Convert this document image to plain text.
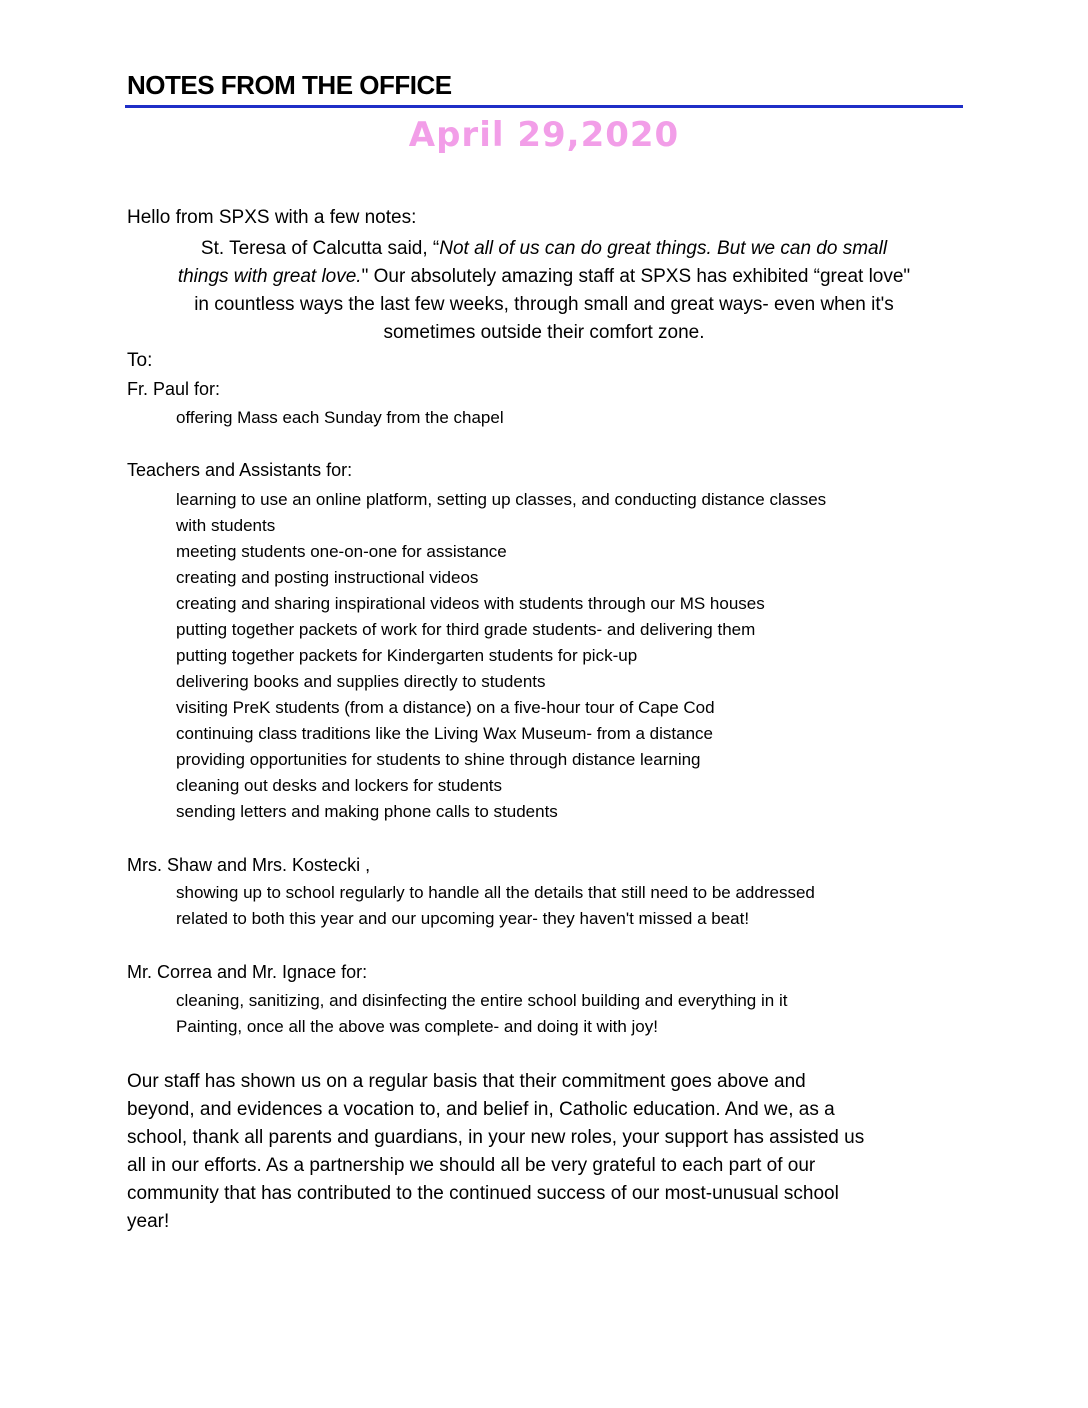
NOTES FROM THE OFFICE
April 29,2020

Hello from SPXS with a few notes:

St. Teresa of Calcutta said, “Not all of us can do great things. But we can do small
things with great love." Our absolutely amazing staff at SPXS has exhibited “great love"
in countless ways the last few weeks, through small and great ways- even when it's
sometimes outside their comfort zone.

To:

Fr. Paul for:

offering Mass each Sunday from the chapel

Teachers and Assistants for:

learning to use an online platform, setting up classes, and conducting distance classes
with students
meeting students one-on-one for assistance
creating and posting instructional videos
creating and sharing inspirational videos with students through our MS houses
putting together packets of work for third grade students- and delivering them
putting together packets for Kindergarten students for pick-up
delivering books and supplies directly to students
visiting PreK students (from a distance) on a five-hour tour of Cape Cod
continuing class traditions like the Living Wax Museum- from a distance
providing opportunities for students to shine through distance learning
cleaning out desks and lockers for students
sending letters and making phone calls to students

Mrs. Shaw and Mrs. Kostecki ,

showing up to school regularly to handle all the details that still need to be addressed
related to both this year and our upcoming year- they haven't missed a beat!

Mr. Correa and Mr. Ignace for:

cleaning, sanitizing, and disinfecting the entire school building and everything in it
Painting, once all the above was complete- and doing it with joy!
Our staff has shown us on a regular basis that their commitment goes above and
beyond, and evidences a vocation to, and belief in, Catholic education. And we, as a
school, thank all parents and guardians, in your new roles, your support has assisted us
all in our efforts. As a partnership we should all be very grateful to each part of our
community that has contributed to the continued success of our most-unusual school
year!
